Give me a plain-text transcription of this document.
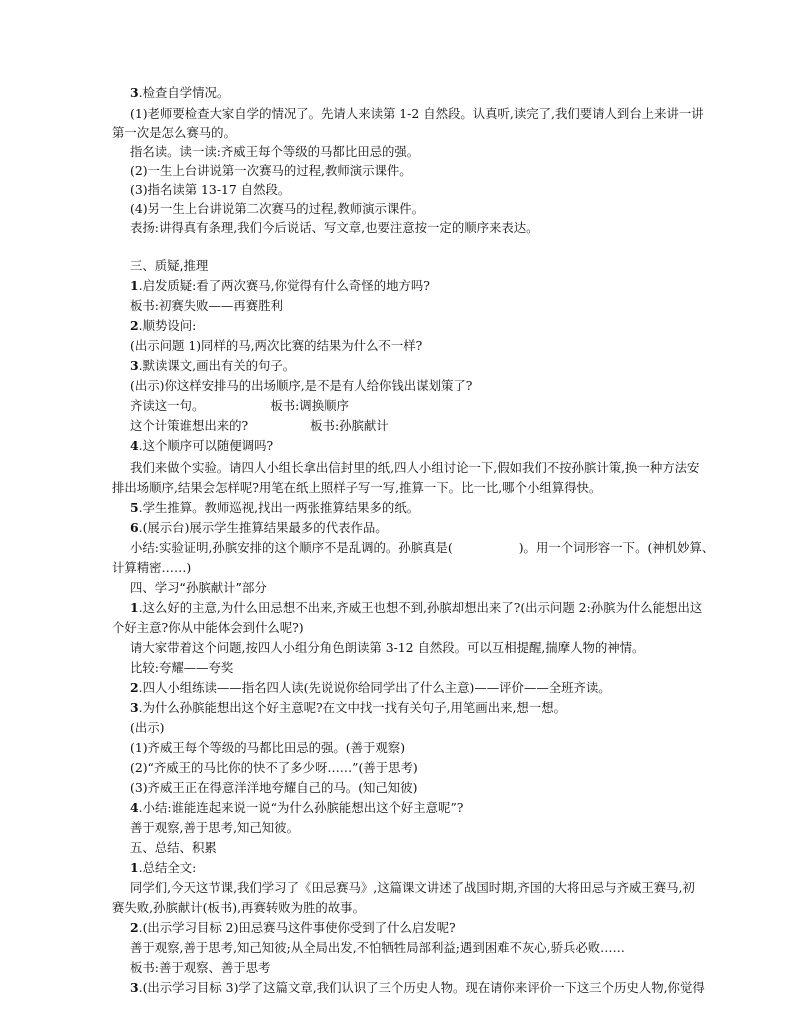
3.检查自学情况。
(1)老师要检查大家自学的情况了。先请人来读第 1-2 自然段。认真听,读完了,我们要请人到台上来讲一讲
第一次是怎么赛马的。
指名读。读一读:齐威王每个等级的马都比田忌的强。
(2)一生上台讲说第一次赛马的过程,教师演示课件。
(3)指名读第 13-17 自然段。
(4)另一生上台讲说第二次赛马的过程,教师演示课件。
表扬:讲得真有条理,我们今后说话、写文章,也要注意按一定的顺序来表达。
三、质疑,推理
1.启发质疑:看了两次赛马,你觉得有什么奇怪的地方吗?
板书:初赛失败——再赛胜利
2.顺势设问:
(出示问题 1)同样的马,两次比赛的结果为什么不一样?
3.默读课文,画出有关的句子。
(出示)你这样安排马的出场顺序,是不是有人给你钱出谋划策了?
齐读这一句。	板书:调换顺序
这个计策谁想出来的?	板书:孙膑献计
4.这个顺序可以随便调吗?
我们来做个实验。请四人小组长拿出信封里的纸,四人小组讨论一下,假如我们不按孙膑计策,换一种方法安
排出场顺序,结果会怎样呢?用笔在纸上照样子写一写,推算一下。比一比,哪个小组算得快。
5.学生推算。教师巡视,找出一两张推算结果多的纸。
6.(展示台)展示学生推算结果最多的代表作品。
小结:实验证明,孙膑安排的这个顺序不是乱调的。孙膑真是(	)。用一个词形容一下。(神机妙算、
计算精密……)
四、学习“孙膑献计”部分
1.这么好的主意,为什么田忌想不出来,齐威王也想不到,孙膑却想出来了?(出示问题 2:孙膑为什么能想出这
个好主意?你从中能体会到什么呢?)
请大家带着这个问题,按四人小组分角色朗读第 3-12 自然段。可以互相提醒,揣摩人物的神情。
比较:夸耀——夸奖
2.四人小组练读——指名四人读(先说说你给同学出了什么主意)——评价——全班齐读。
3.为什么孙膑能想出这个好主意呢?在文中找一找有关句子,用笔画出来,想一想。
(出示)
(1)齐威王每个等级的马都比田忌的强。(善于观察)
(2)“齐威王的马比你的快不了多少呀……”(善于思考)
(3)齐威王正在得意洋洋地夸耀自己的马。(知己知彼)
4.小结:谁能连起来说一说“为什么孙膑能想出这个好主意呢”?
善于观察,善于思考,知己知彼。
五、总结、积累
1.总结全文:
同学们,今天这节课,我们学习了《田忌赛马》,这篇课文讲述了战国时期,齐国的大将田忌与齐威王赛马,初
赛失败,孙膑献计(板书),再赛转败为胜的故事。
2.(出示学习目标 2)田忌赛马这件事使你受到了什么启发呢?
善于观察,善于思考,知己知彼;从全局出发,不怕牺牲局部利益;遇到困难不灰心,骄兵必败……
板书:善于观察、善于思考
3.(出示学习目标 3)学了这篇文章,我们认识了三个历史人物。现在请你来评价一下这三个历史人物,你觉得
